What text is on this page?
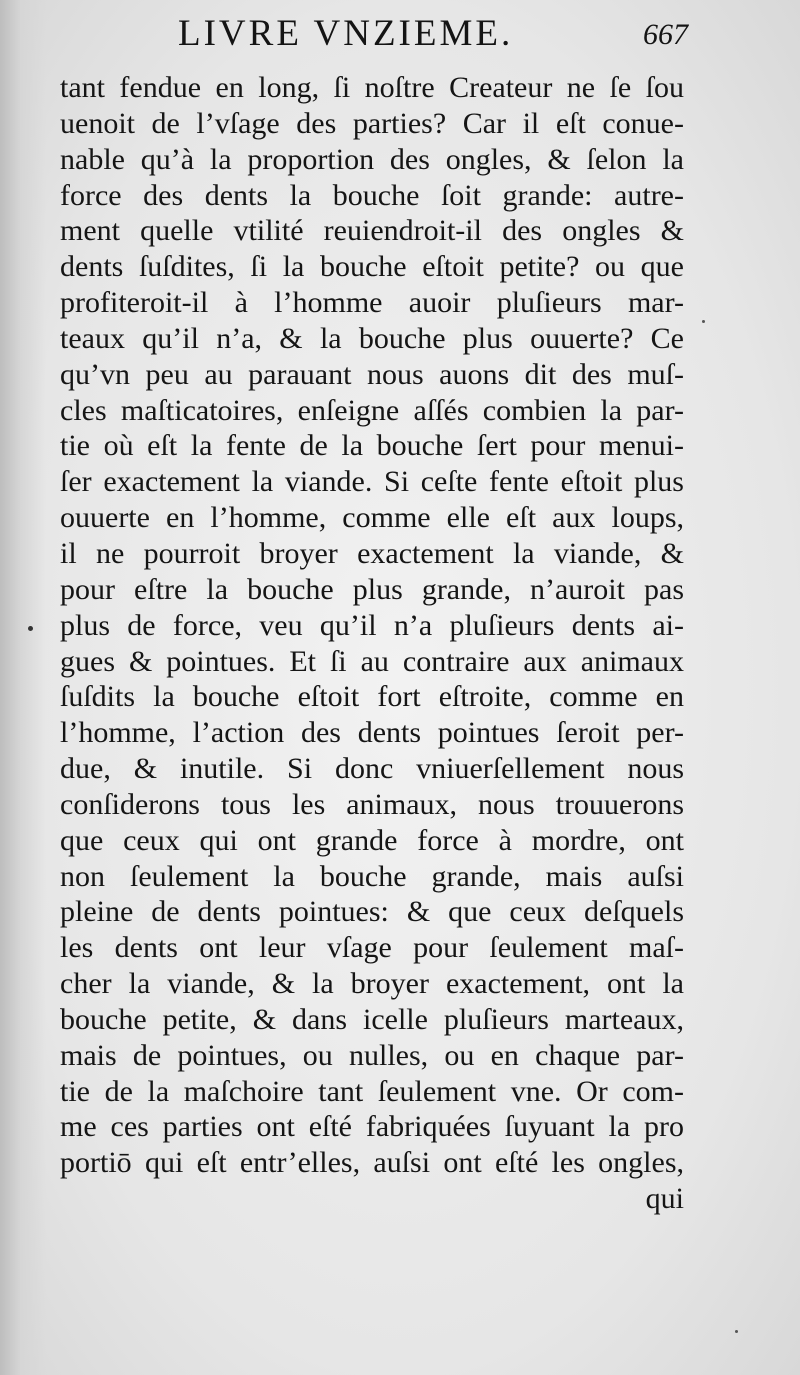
LIVRE VNZIEME.	667
tant fendue en long, ſi noſtre Createur ne ſe ſou
uenoit de l’vſage des parties? Car il eſt conue-
nable qu’à la proportion des ongles, & ſelon la
force des dents la bouche ſoit grande: autre-
ment quelle vtilité reuiendroit-il des ongles &
dents ſuſdites, ſi la bouche eſtoit petite? ou que
profiteroit-il à l’homme auoir pluſieurs mar-
teaux qu’il n’a, & la bouche plus ouuerte? Ce
qu’vn peu au parauant nous auons dit des muſ-
cles maſticatoires, enſeigne aſſés combien la par-
tie où eſt la fente de la bouche ſert pour menui-
ſer exactement la viande. Si ceſte fente eſtoit plus
ouuerte en l’homme, comme elle eſt aux loups,
il ne pourroit broyer exactement la viande, &
pour eſtre la bouche plus grande, n’auroit pas
plus de force, veu qu’il n’a pluſieurs dents ai-
gues & pointues. Et ſi au contraire aux animaux
ſuſdits la bouche eſtoit fort eſtroite, comme en
l’homme, l’action des dents pointues ſeroit per-
due, & inutile. Si donc vniuerſellement nous
conſiderons tous les animaux, nous trouuerons
que ceux qui ont grande force à mordre, ont
non ſeulement la bouche grande, mais auſsi
pleine de dents pointues: & que ceux deſquels
les dents ont leur vſage pour ſeulement maſ-
cher la viande, & la broyer exactement, ont la
bouche petite, & dans icelle pluſieurs marteaux,
mais de pointues, ou nulles, ou en chaque par-
tie de la maſchoire tant ſeulement vne. Or com-
me ces parties ont eſté fabriquées ſuyuant la pro
portiō qui eſt entr’elles, auſsi ont eſté les ongles,
qui
